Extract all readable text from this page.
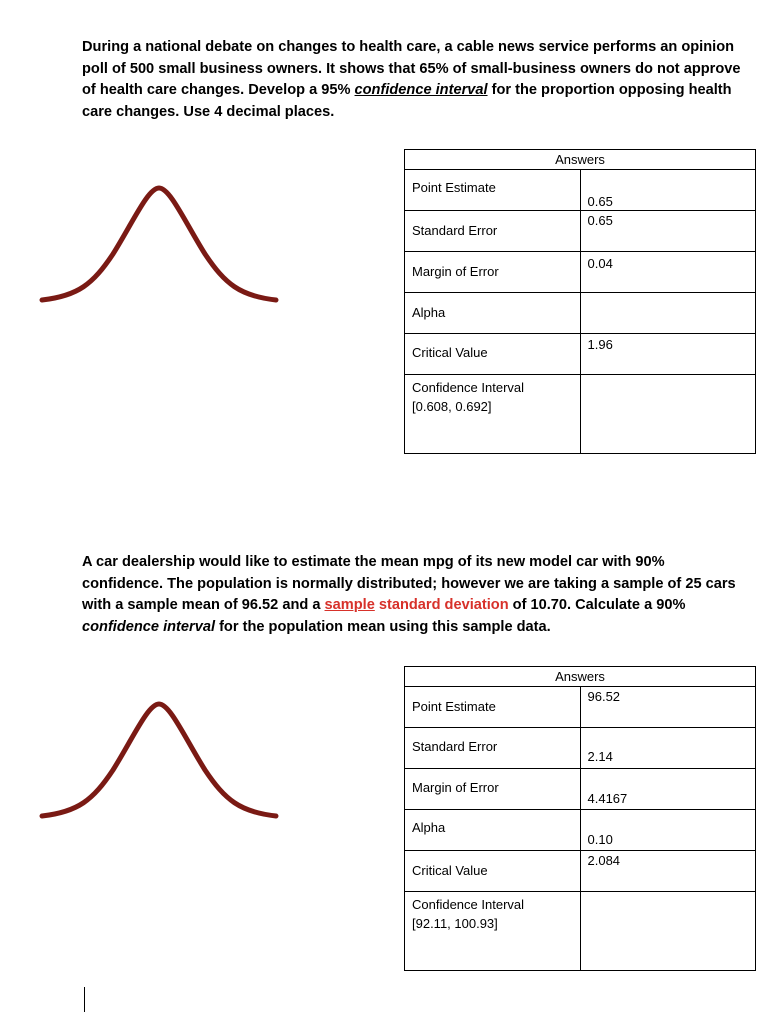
During a national debate on changes to health care, a cable news service performs an opinion poll of 500 small business owners. It shows that 65% of small-business owners do not approve of health care changes. Develop a 95% confidence interval for the proportion opposing health care changes. Use 4 decimal places.
Answers	

Point Estimate	0.65

Standard Error	0.65

Margin of Error	0.04

Alpha	

Critical Value	1.96

Confidence Interval
[0.608, 0.692]	

A car dealership would like to estimate the mean mpg of its new model car with 90% confidence. The population is normally distributed; however we are taking a sample of 25 cars with a sample mean of 96.52 and a sample standard deviation of 10.70. Calculate a 90% confidence interval for the population mean using this sample data.
Answers	

Point Estimate	96.52

Standard Error	2.14

Margin of Error	4.4167

Alpha	0.10

Critical Value	2.084

Confidence Interval
[92.11, 100.93]	
